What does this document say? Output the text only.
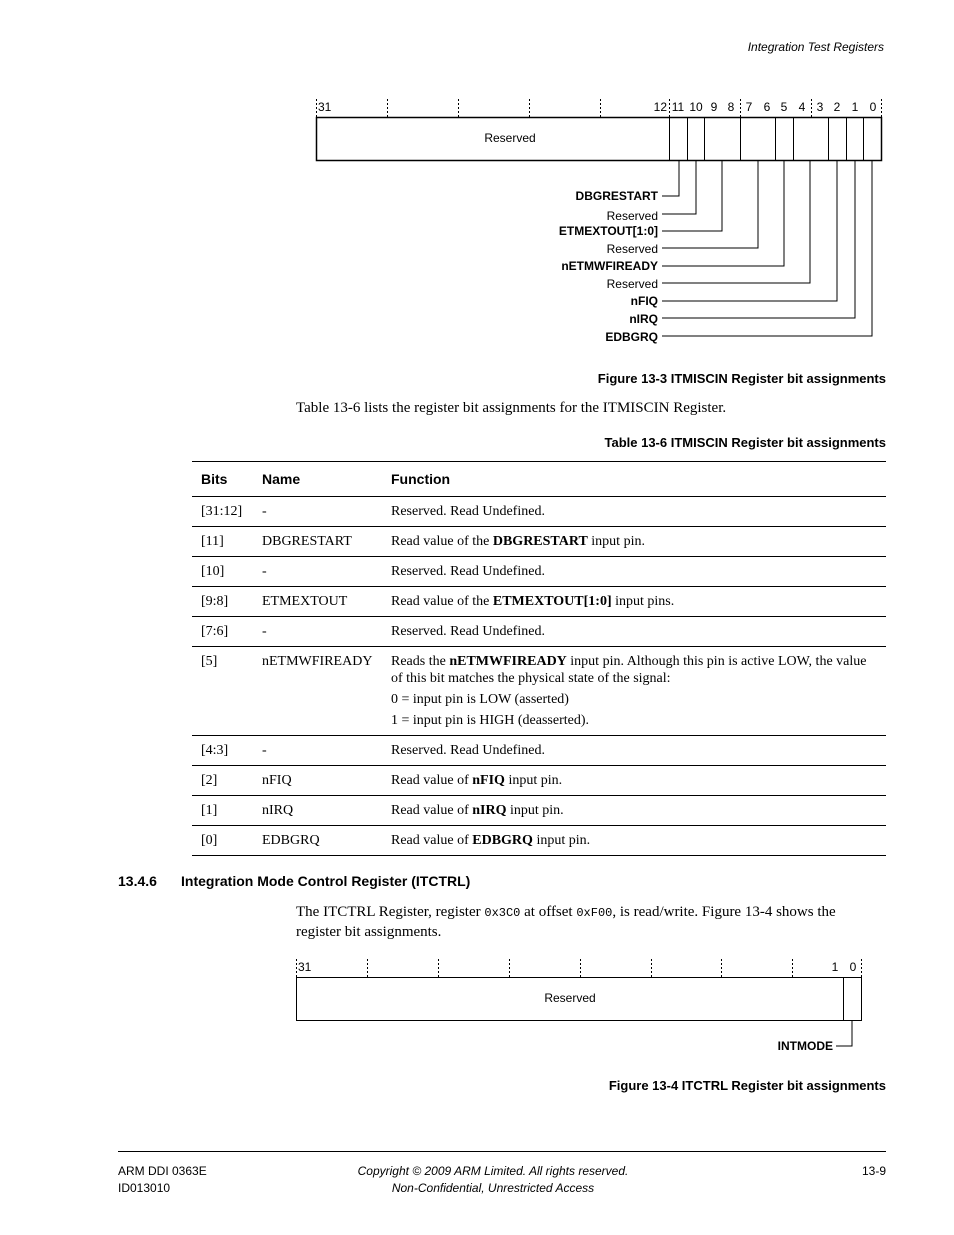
Integration Test Registers
31	12 11 10 9 8 7 6 5 4 3 2 1 0
Reserved
DBGRESTART
Reserved
ETMEXTOUT[1:0]
Reserved
nETMWFIREADY
Reserved
nFIQ
nIRQ
EDBGRQ
Figure 13-3 ITMISCIN Register bit assignments
Table 13-6 lists the register bit assignments for the ITMISCIN Register.
Table 13-6 ITMISCIN Register bit assignments
Bits	Name	Function
[31:12]	-	Reserved. Read Undefined.

[11]	DBGRESTART	Read value of the DBGRESTART input pin.

[10]	-	Reserved. Read Undefined.

[9:8]	ETMEXTOUT	Read value of the ETMEXTOUT[1:0] input pins.

[7:6]	-	Reserved. Read Undefined.

[5]	nETMWFIREADY	Reads the nETMWFIREADY input pin. Although this pin is active LOW, the value of this bit matches the physical state of the signal:

0 = input pin is LOW (asserted)

1 = input pin is HIGH (deasserted).

[4:3]	-	Reserved. Read Undefined.

[2]	nFIQ	Read value of nFIQ input pin.

[1]	nIRQ	Read value of nIRQ input pin.

[0]	EDBGRQ	Read value of EDBGRQ input pin.

13.4.6 Integration Mode Control Register (ITCTRL)
The ITCTRL Register, register 0x3C0 at offset 0xF00, is read/write. Figure 13-4 shows the register bit assignments.
31	1 0
Reserved
INTMODE
Figure 13-4 ITCTRL Register bit assignments
ARM DDI 0363E
ID013010
Copyright © 2009 ARM Limited. All rights reserved.
Non-Confidential, Unrestricted Access
13-9
